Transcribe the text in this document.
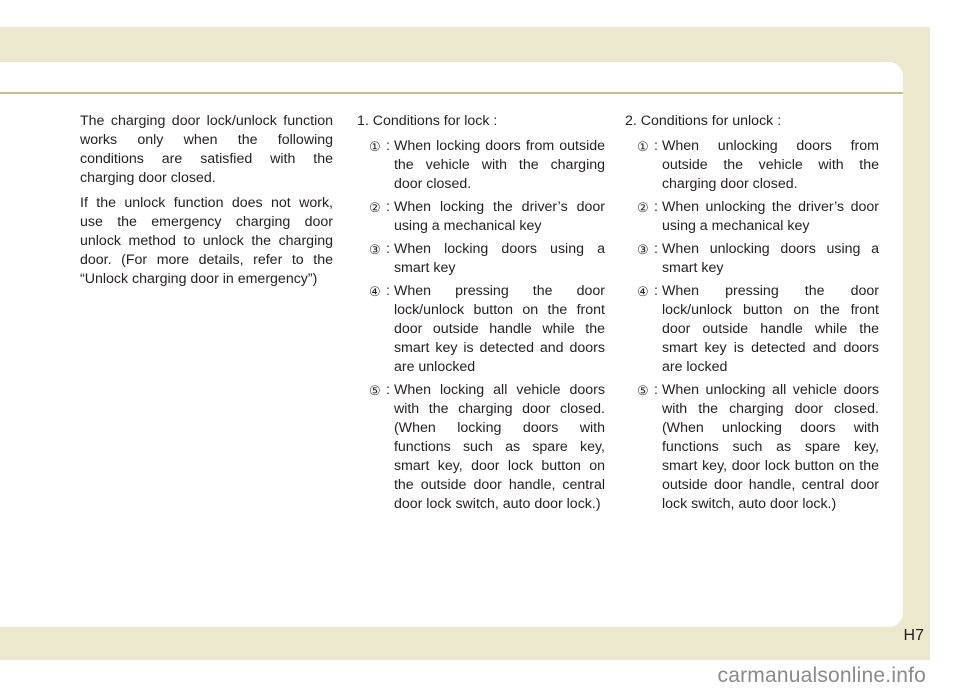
The charging door lock/unlock function works only when the following conditions are satisfied with the charging door closed.

If the unlock function does not work, use the emergency charging door unlock method to unlock the charging door. (For more details, refer to the “Unlock charging door in emergency”)

1. Conditions for lock :

① : When locking doors from outside the vehicle with the charging door closed.
② : When locking the driver’s door using a mechanical key
③ : When locking doors using a smart key
④ : When pressing the door lock/unlock button on the front door outside handle while the smart key is detected and doors are unlocked
⑤ : When locking all vehicle doors with the charging door closed. (When locking doors with functions such as spare key, smart key, door lock button on the outside door handle, central door lock switch, auto door lock.)

2. Conditions for unlock :

① : When unlocking doors from outside the vehicle with the charging door closed.
② : When unlocking the driver’s door using a mechanical key
③ : When unlocking doors using a smart key
④ : When pressing the door lock/unlock button on the front door outside handle while the smart key is detected and doors are locked
⑤ : When unlocking all vehicle doors with the charging door closed. (When unlocking doors with functions such as spare key, smart key, door lock button on the outside door handle, central door lock switch, auto door lock.)
H7
carmanualsonline.info
